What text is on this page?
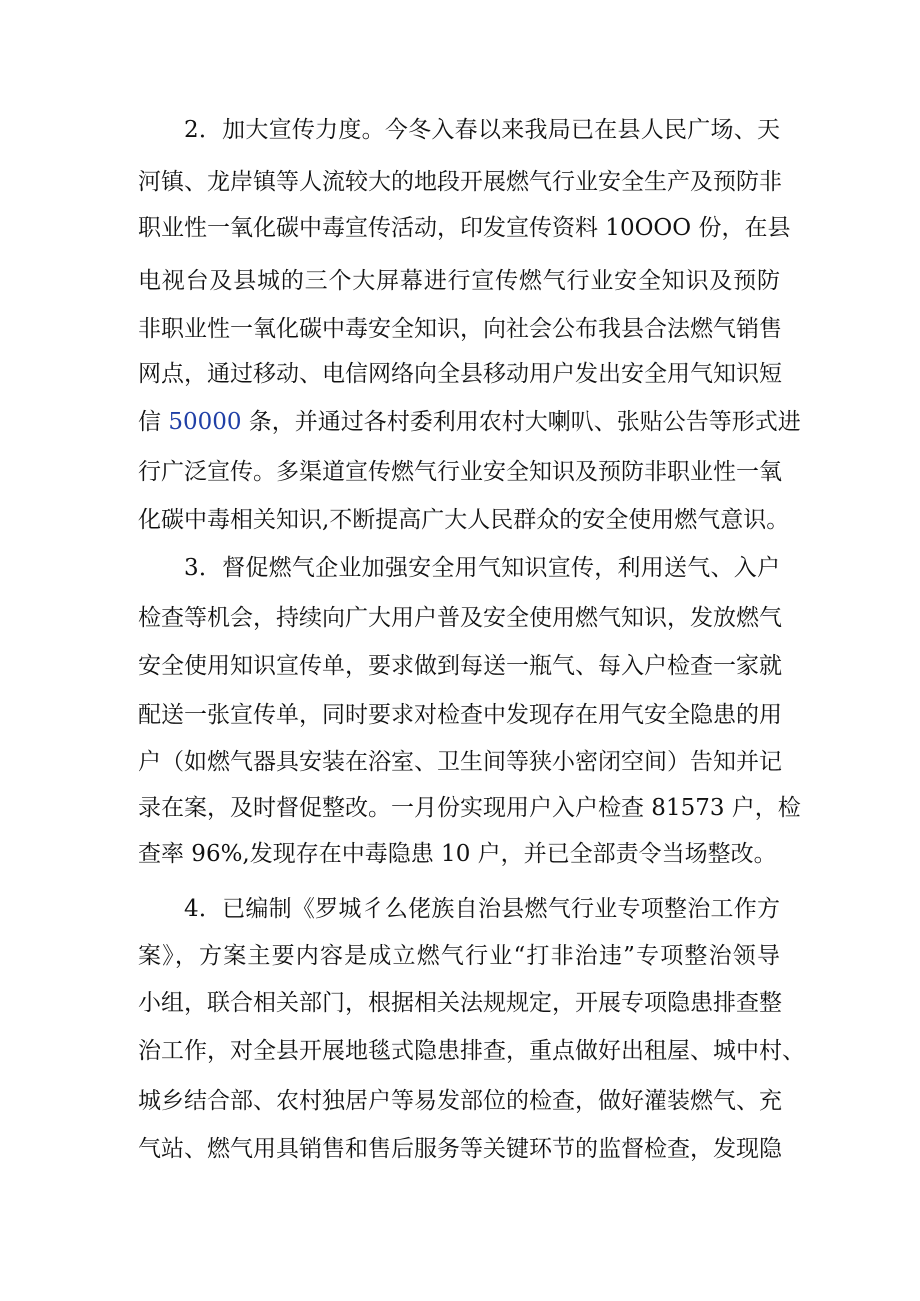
2．加大宣传力度。今冬入春以来我局已在县人民广场、天
河镇、龙岸镇等人流较大的地段开展燃气行业安全生产及预防非
职业性一氧化碳中毒宣传活动，印发宣传资料 10OOO 份，在县
电视台及县城的三个大屏幕进行宣传燃气行业安全知识及预防
非职业性一氧化碳中毒安全知识，向社会公布我县合法燃气销售
网点，通过移动、电信网络向全县移动用户发出安全用气知识短
信 50000 条，并通过各村委利用农村大喇叭、张贴公告等形式进
行广泛宣传。多渠道宣传燃气行业安全知识及预防非职业性一氧
化碳中毒相关知识,不断提高广大人民群众的安全使用燃气意识。
3．督促燃气企业加强安全用气知识宣传，利用送气、入户
检查等机会，持续向广大用户普及安全使用燃气知识，发放燃气
安全使用知识宣传单，要求做到每送一瓶气、每入户检查一家就
配送一张宣传单，同时要求对检查中发现存在用气安全隐患的用
户（如燃气器具安装在浴室、卫生间等狭小密闭空间）告知并记
录在案，及时督促整改。一月份实现用户入户检查 81573 户，检
查率 96%,发现存在中毒隐患 10 户，并已全部责令当场整改。
4．已编制《罗城彳么佬族自治县燃气行业专项整治工作方
案》，方案主要内容是成立燃气行业“打非治违”专项整治领导
小组，联合相关部门，根据相关法规规定，开展专项隐患排查整
治工作，对全县开展地毯式隐患排查，重点做好出租屋、城中村、
城乡结合部、农村独居户等易发部位的检查，做好灌装燃气、充
气站、燃气用具销售和售后服务等关键环节的监督检查，发现隐
